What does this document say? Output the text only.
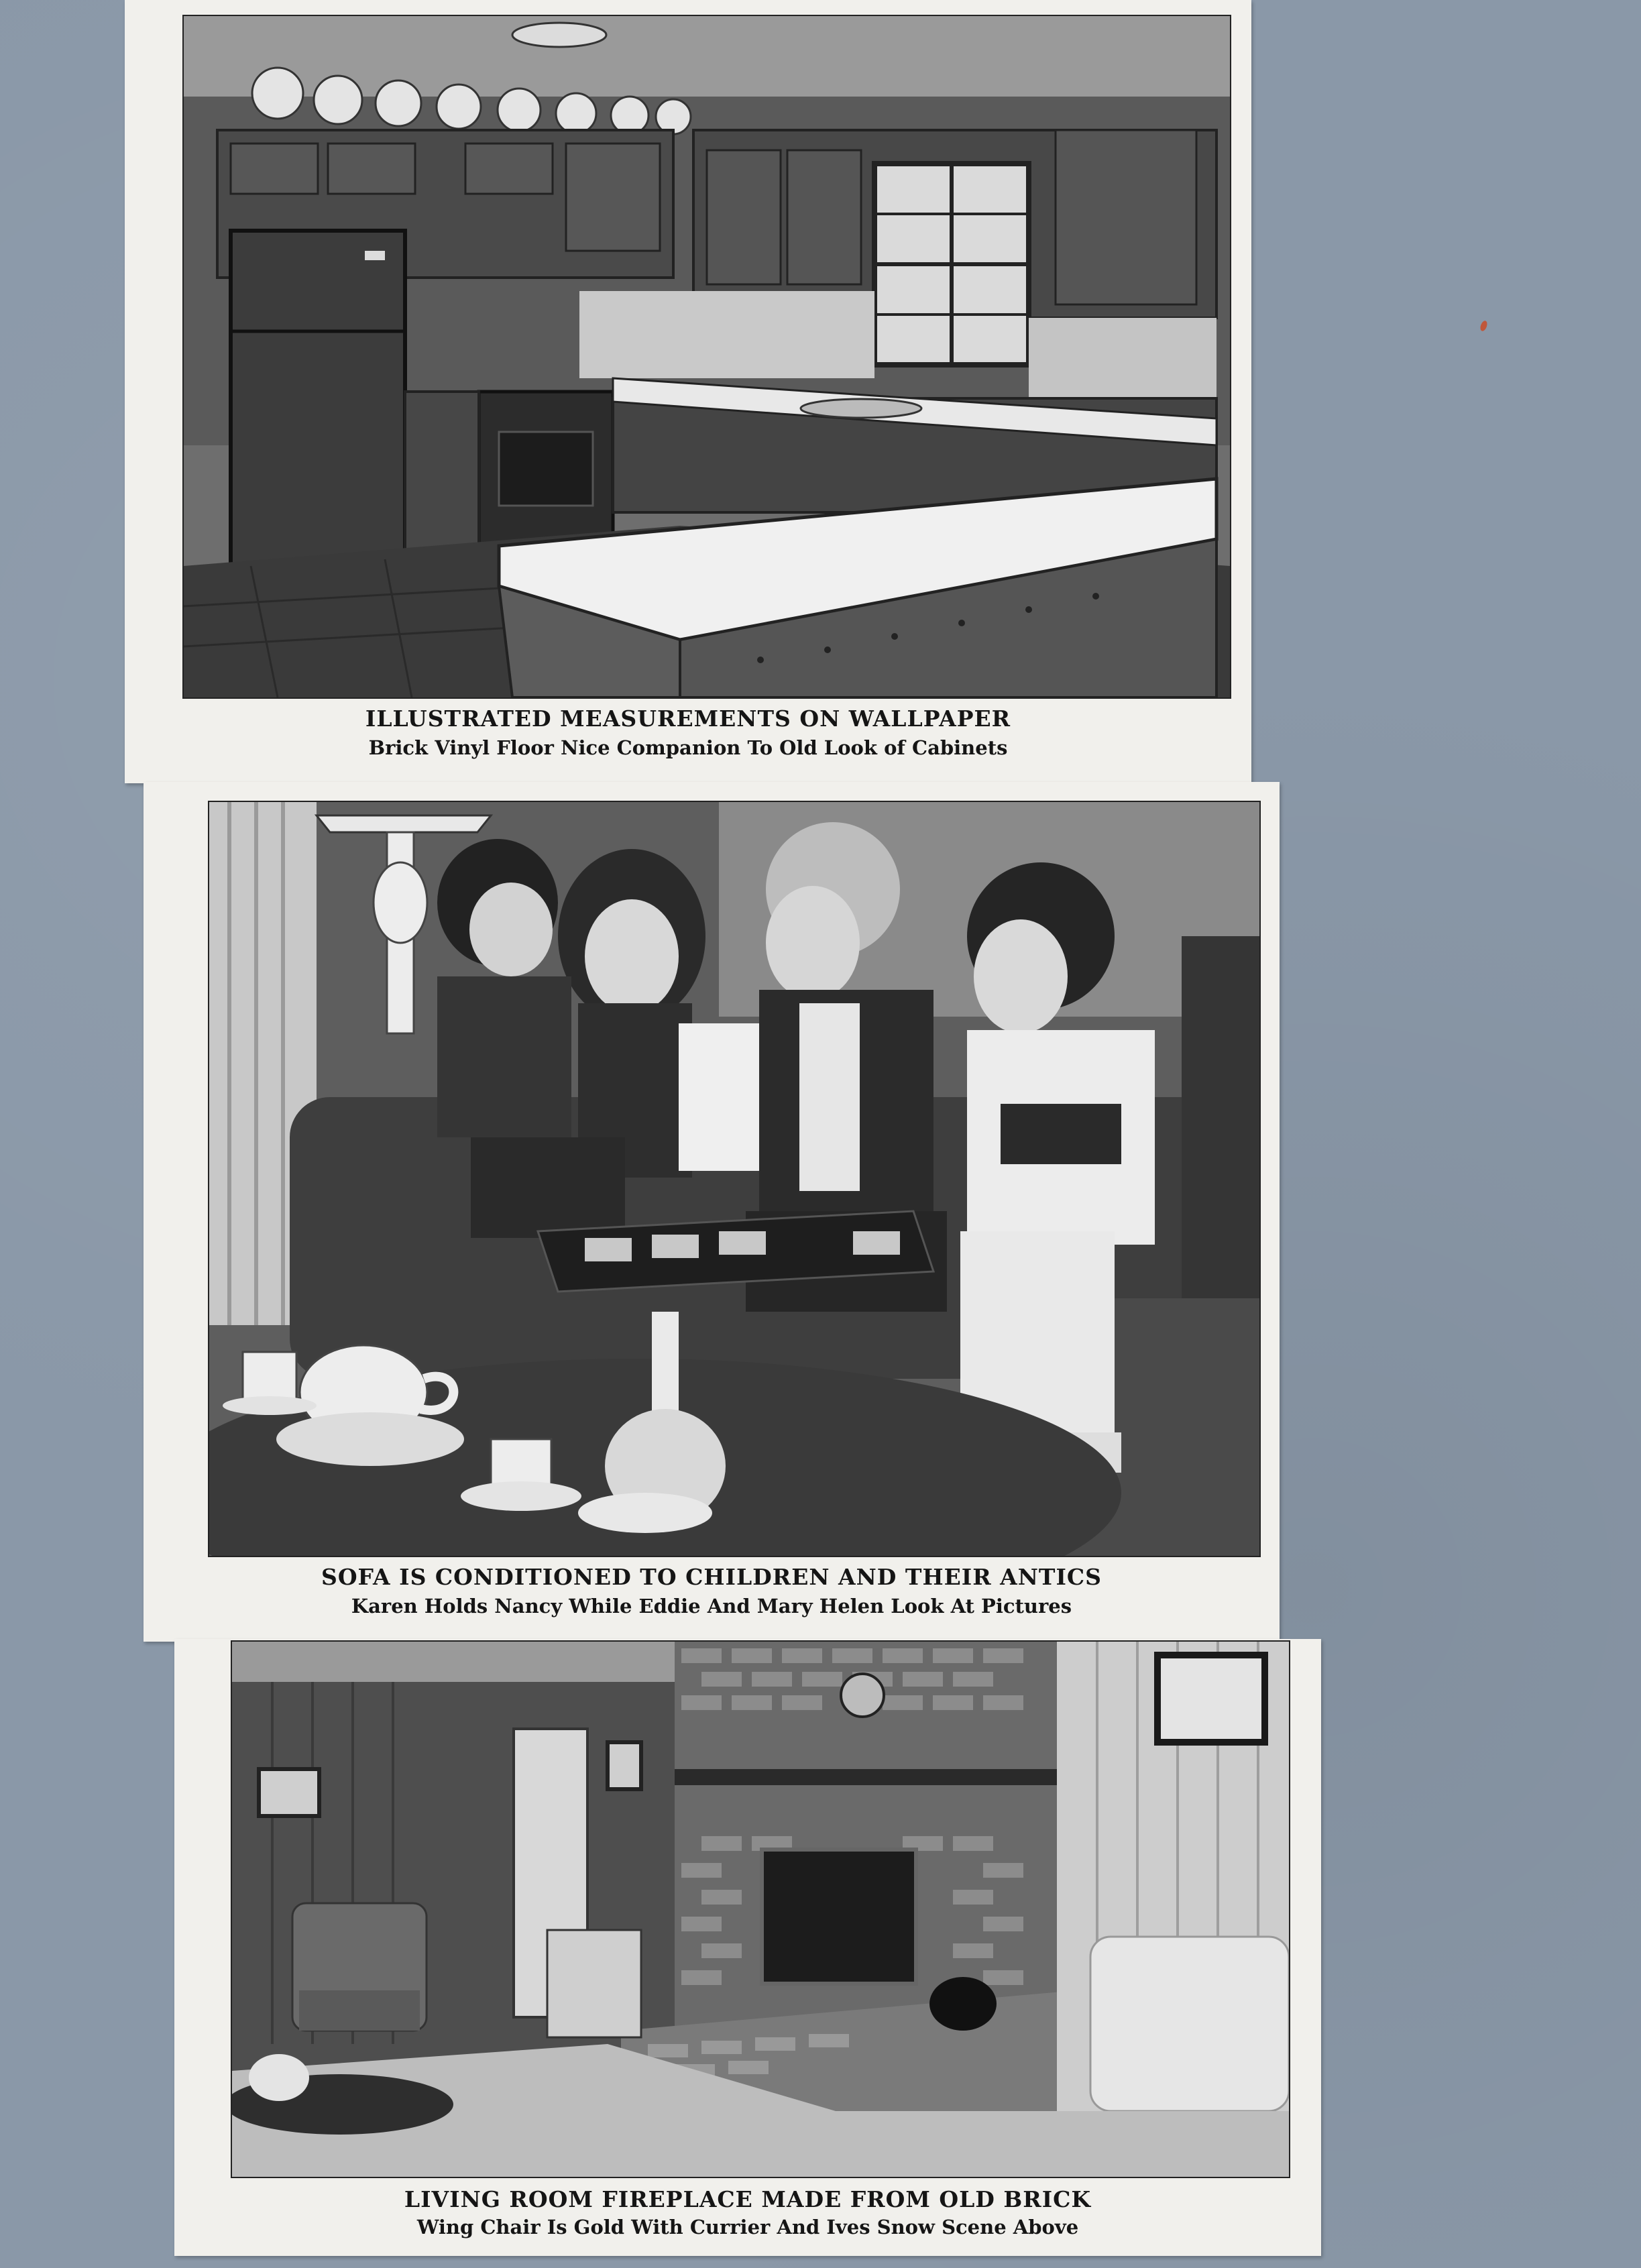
ILLUSTRATED MEASUREMENTS ON WALLPAPER
Brick Vinyl Floor Nice Companion To Old Look of Cabinets
SOFA IS CONDITIONED TO CHILDREN AND THEIR ANTICS
Karen Holds Nancy While Eddie And Mary Helen Look At Pictures
LIVING ROOM FIREPLACE MADE FROM OLD BRICK
Wing Chair Is Gold With Currier And Ives Snow Scene Above
